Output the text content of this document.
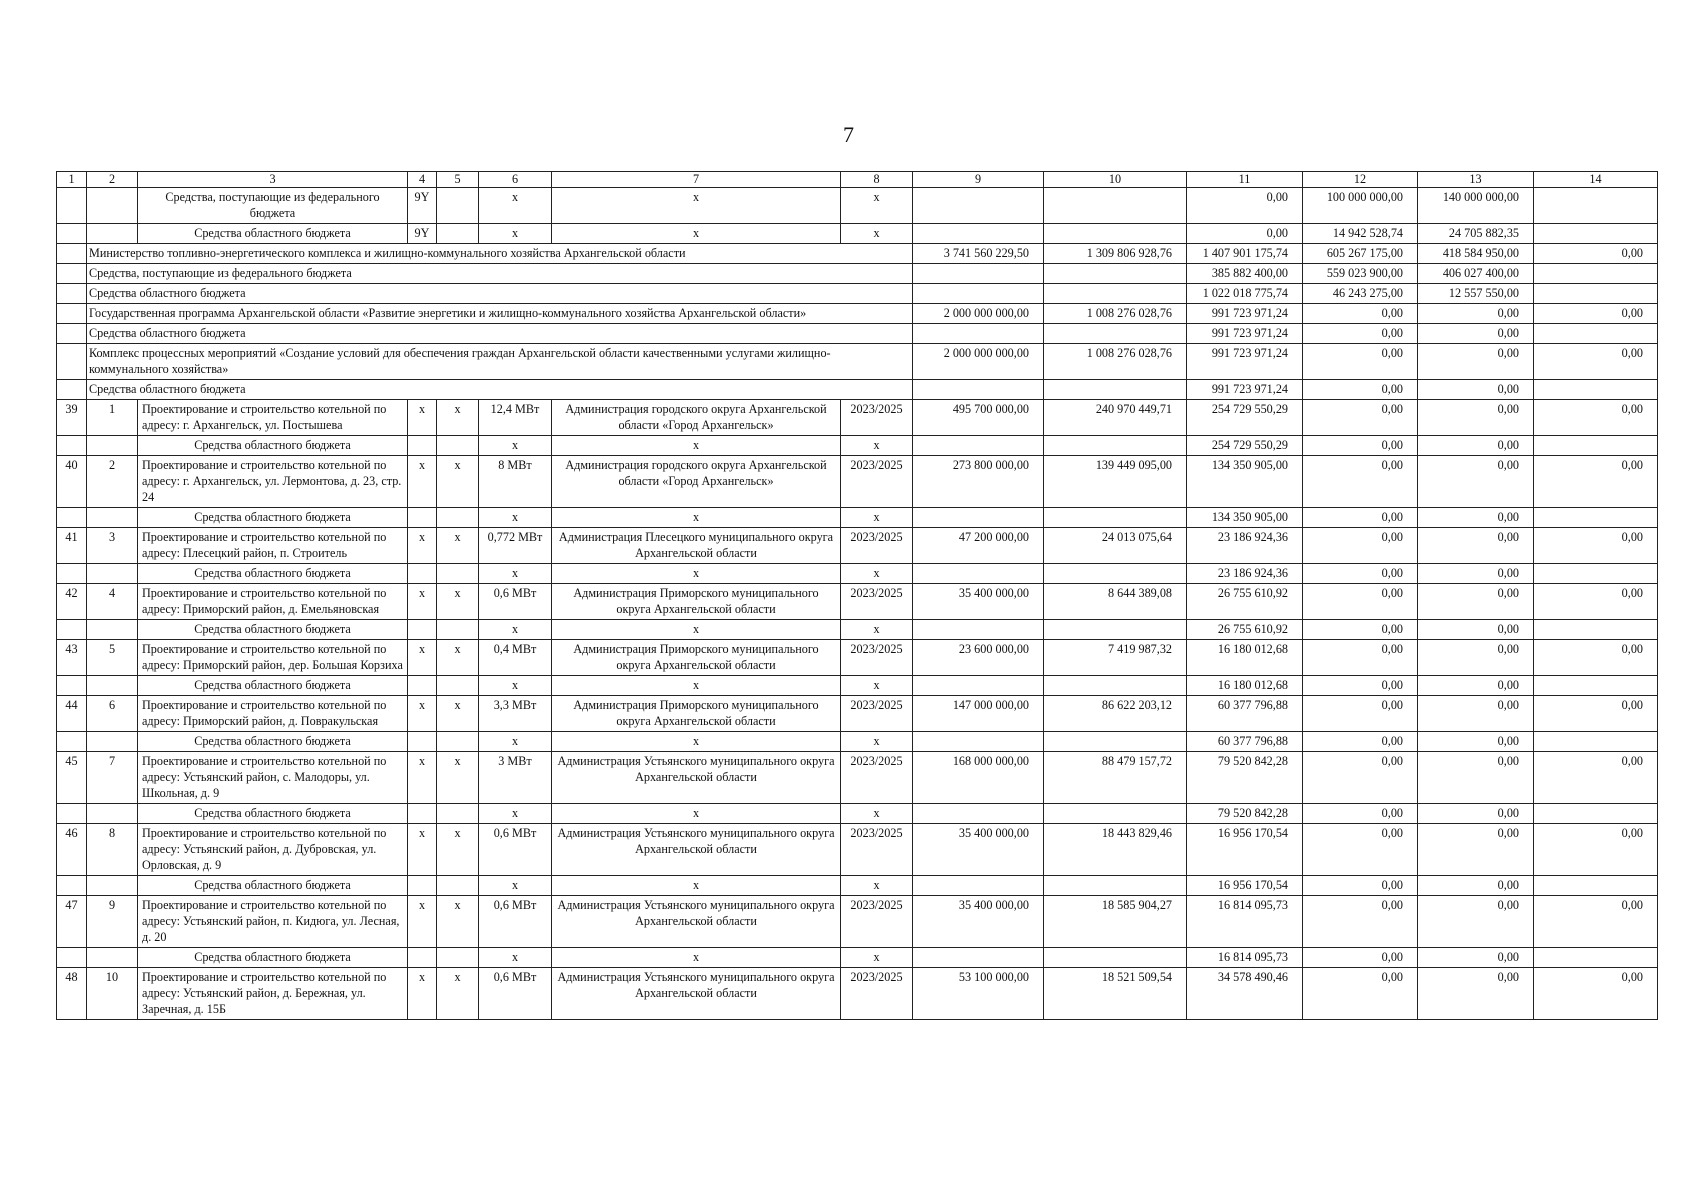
7
1	2	3	4	5	6	7	8	9	10	11	12	13	14
		Средства, поступающие из федерального бюджета	9Y		x	x	x			0,00	100 000 000,00	140 000 000,00	
		Средства областного бюджета	9Y		x	x	x			0,00	14 942 528,74	24 705 882,35	
	Министерство топливно-энергетического комплекса и жилищно-коммунального хозяйства Архангельской области							3 741 560 229,50	1 309 806 928,76	1 407 901 175,74	605 267 175,00	418 584 950,00	0,00
	Средства, поступающие из федерального бюджета									385 882 400,00	559 023 900,00	406 027 400,00	
	Средства областного бюджета									1 022 018 775,74	46 243 275,00	12 557 550,00	
	Государственная программа Архангельской области «Развитие энергетики и жилищно-коммунального хозяйства Архангельской области»							2 000 000 000,00	1 008 276 028,76	991 723 971,24	0,00	0,00	0,00
	Средства областного бюджета									991 723 971,24	0,00	0,00	
	Комплекс процессных мероприятий «Создание условий для обеспечения граждан Архангельской области качественными услугами жилищно-коммунального хозяйства»							2 000 000 000,00	1 008 276 028,76	991 723 971,24	0,00	0,00	0,00
	Средства областного бюджета									991 723 971,24	0,00	0,00	
39	1	Проектирование и строительство котельной по адресу: г. Архангельск, ул. Постышева	x	x	12,4 МВт	Администрация городского округа Архангельской области «Город Архангельск»	2023/2025	495 700 000,00	240 970 449,71	254 729 550,29	0,00	0,00	0,00
		Средства областного бюджета			x	x	x			254 729 550,29	0,00	0,00	
40	2	Проектирование и строительство котельной по адресу: г. Архангельск, ул. Лермонтова, д. 23, стр. 24	x	x	8 МВт	Администрация городского округа Архангельской области «Город Архангельск»	2023/2025	273 800 000,00	139 449 095,00	134 350 905,00	0,00	0,00	0,00
		Средства областного бюджета			x	x	x			134 350 905,00	0,00	0,00	
41	3	Проектирование и строительство котельной по адресу: Плесецкий район, п. Строитель	x	x	0,772 МВт	Администрация Плесецкого муниципального округа Архангельской области	2023/2025	47 200 000,00	24 013 075,64	23 186 924,36	0,00	0,00	0,00
		Средства областного бюджета			x	x	x			23 186 924,36	0,00	0,00	
42	4	Проектирование и строительство котельной по адресу: Приморский район, д. Емельяновская	x	x	0,6 МВт	Администрация Приморского муниципального округа Архангельской области	2023/2025	35 400 000,00	8 644 389,08	26 755 610,92	0,00	0,00	0,00
		Средства областного бюджета			x	x	x			26 755 610,92	0,00	0,00	
43	5	Проектирование и строительство котельной по адресу: Приморский район, дер. Большая Корзиха	x	x	0,4 МВт	Администрация Приморского муниципального округа Архангельской области	2023/2025	23 600 000,00	7 419 987,32	16 180 012,68	0,00	0,00	0,00
		Средства областного бюджета			x	x	x			16 180 012,68	0,00	0,00	
44	6	Проектирование и строительство котельной по адресу: Приморский район, д. Повракульская	x	x	3,3 МВт	Администрация Приморского муниципального округа Архангельской области	2023/2025	147 000 000,00	86 622 203,12	60 377 796,88	0,00	0,00	0,00
		Средства областного бюджета			x	x	x			60 377 796,88	0,00	0,00	
45	7	Проектирование и строительство котельной по адресу: Устьянский район, с. Малодоры, ул. Школьная, д. 9	x	x	3 МВт	Администрация Устьянского муниципального округа Архангельской области	2023/2025	168 000 000,00	88 479 157,72	79 520 842,28	0,00	0,00	0,00
		Средства областного бюджета			x	x	x			79 520 842,28	0,00	0,00	
46	8	Проектирование и строительство котельной по адресу: Устьянский район, д. Дубровская, ул. Орловская, д. 9	x	x	0,6 МВт	Администрация Устьянского муниципального округа Архангельской области	2023/2025	35 400 000,00	18 443 829,46	16 956 170,54	0,00	0,00	0,00
		Средства областного бюджета			x	x	x			16 956 170,54	0,00	0,00	
47	9	Проектирование и строительство котельной по адресу: Устьянский район, п. Кидюга, ул. Лесная, д. 20	x	x	0,6 МВт	Администрация Устьянского муниципального округа Архангельской области	2023/2025	35 400 000,00	18 585 904,27	16 814 095,73	0,00	0,00	0,00
		Средства областного бюджета			x	x	x			16 814 095,73	0,00	0,00	
48	10	Проектирование и строительство котельной по адресу: Устьянский район, д. Бережная, ул. Заречная, д. 15Б	x	x	0,6 МВт	Администрация Устьянского муниципального округа Архангельской области	2023/2025	53 100 000,00	18 521 509,54	34 578 490,46	0,00	0,00	0,00
